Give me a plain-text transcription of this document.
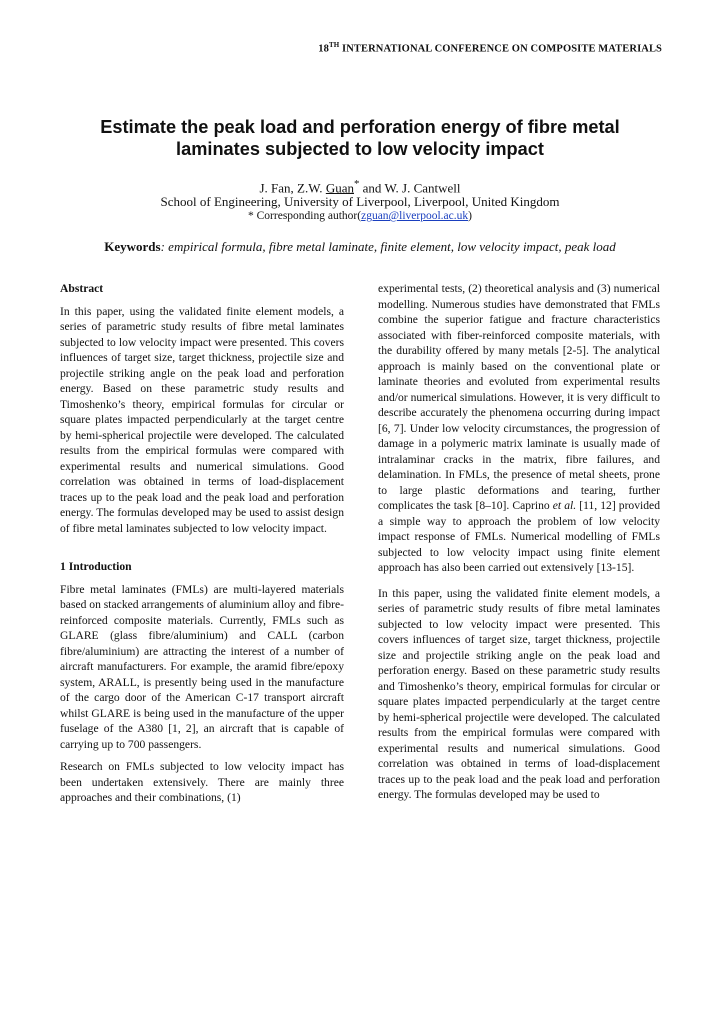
18TH INTERNATIONAL CONFERENCE ON COMPOSITE MATERIALS
Estimate the peak load and perforation energy of fibre metal laminates subjected to low velocity impact
J. Fan, Z.W. Guan* and W. J. Cantwell
School of Engineering, University of Liverpool, Liverpool, United Kingdom
* Corresponding author(zguan@liverpool.ac.uk)
Keywords: empirical formula, fibre metal laminate, finite element, low velocity impact, peak load
Abstract

In this paper, using the validated finite element models, a series of parametric study results of fibre metal laminates subjected to low velocity impact were presented. This covers influences of target size, target thickness, projectile size and projectile striking angle on the peak load and perforation energy. Based on these parametric study results and Timoshenko’s theory, empirical formulas for circular or square plates impacted perpendicularly at the target centre by hemi-spherical projectile were developed. The calculated results from the empirical formulas were compared with experimental results and numerical simulations. Good correlation was obtained in terms of load-displacement traces up to the peak load and the peak load and perforation energy. The formulas developed may be used to assist design of fibre metal laminates subjected to low velocity impact.

1 Introduction

Fibre metal laminates (FMLs) are multi-layered materials based on stacked arrangements of aluminium alloy and fibre-reinforced composite materials. Currently, FMLs such as GLARE (glass fibre/aluminium) and CALL (carbon fibre/aluminium) are attracting the interest of a number of aircraft manufacturers. For example, the aramid fibre/epoxy system, ARALL, is presently being used in the manufacture of the cargo door of the American C-17 transport aircraft whilst GLARE is being used in the manufacture of the upper fuselage of the A380 [1, 2], an aircraft that is capable of carrying up to 700 passengers.

Research on FMLs subjected to low velocity impact has been undertaken extensively. There are mainly three approaches and their combinations, (1)

experimental tests, (2) theoretical analysis and (3) numerical modelling. Numerous studies have demonstrated that FMLs combine the superior fatigue and fracture characteristics associated with fiber-reinforced composite materials, with the durability offered by many metals [2-5]. The analytical approach is mainly based on the conventional plate or laminate theories and evoluted from experimental results and/or numerical simulations. However, it is very difficult to describe accurately the phenomena occurring during impact [6, 7]. Under low velocity circumstances, the progression of damage in a polymeric matrix laminate is usually made of intralaminar cracks in the matrix, fibre failures, and delamination. In FMLs, the presence of metal sheets, prone to large plastic deformations and tearing, further complicates the task [8–10]. Caprino et al. [11, 12] provided a simple way to approach the problem of low velocity impact response of FMLs. Numerical modelling of FMLs subjected to low velocity impact using finite element approach has also been carried out extensively [13-15].

In this paper, using the validated finite element models, a series of parametric study results of fibre metal laminates subjected to low velocity impact were presented. This covers influences of target size, target thickness, projectile size and projectile striking angle on the peak load and perforation energy. Based on these parametric study results and Timoshenko’s theory, empirical formulas for circular or square plates impacted perpendicularly at the target centre by hemi-spherical projectile were developed. The calculated results from the empirical formulas were compared with experimental results and numerical simulations. Good correlation was obtained in terms of load-displacement traces up to the peak load and the peak load and perforation energy. The formulas developed may be used to
